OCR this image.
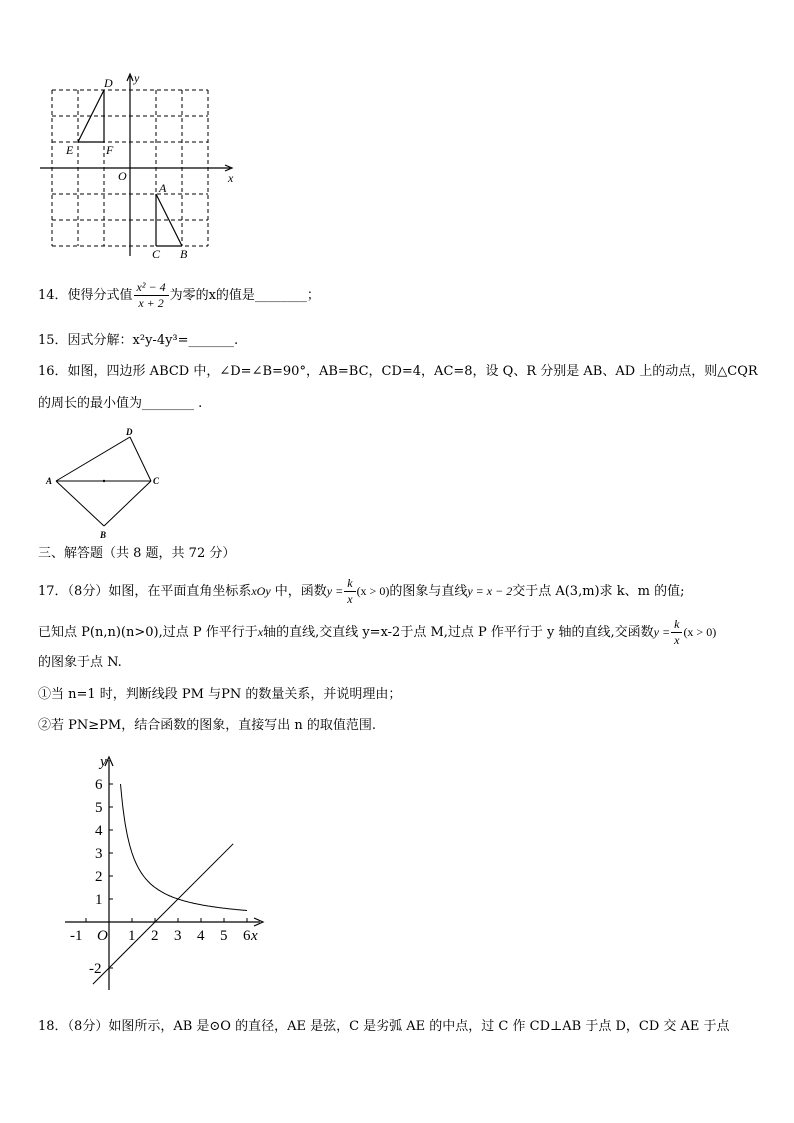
D y
E	F
O	x
A
C B
14．使得分式值 $\frac{\text{x² − 4}}{x + 2}$ 为零的x的值是________；
15．因式分解：x²y-4y³=_______.
16．如图，四边形 ABCD 中，∠D=∠B=90°，AB=BC，CD=4，AC=8，设 Q、R 分别是 AB、AD 上的动点，则△CQR
的周长的最小值为________ .
A
B
C
D
三、解答题（共 8 题，共 72 分）
17．（8分）如图，在平面直角坐标系xOy 中，函数$y = \frac{k}{x} (x > 0)$的图象与直线y = x − 2交于点 A(3,m)求 k、m 的值;
已知点 P(n,n)(n>0),过点 P 作平行于x轴的直线,交直线 y=x-2于点 M,过点 P 作平行于 y 轴的直线,交函数$y = \frac{k}{x} (x > 0)$
的图象于点 N.
①当 n=1 时，判断线段 PM 与PN 的数量关系，并说明理由；
②若 PN≥PM，结合函数的图象，直接写出 n 的取值范围.
y
x
O
-1	1 2 3 4 5 6
6
5
4
3
2
1
-2
18．（8分）如图所示，AB 是⊙O 的直径，AE 是弦，C 是劣弧 AE 的中点，过 C 作 CD⊥AB 于点 D，CD 交 AE 于点
